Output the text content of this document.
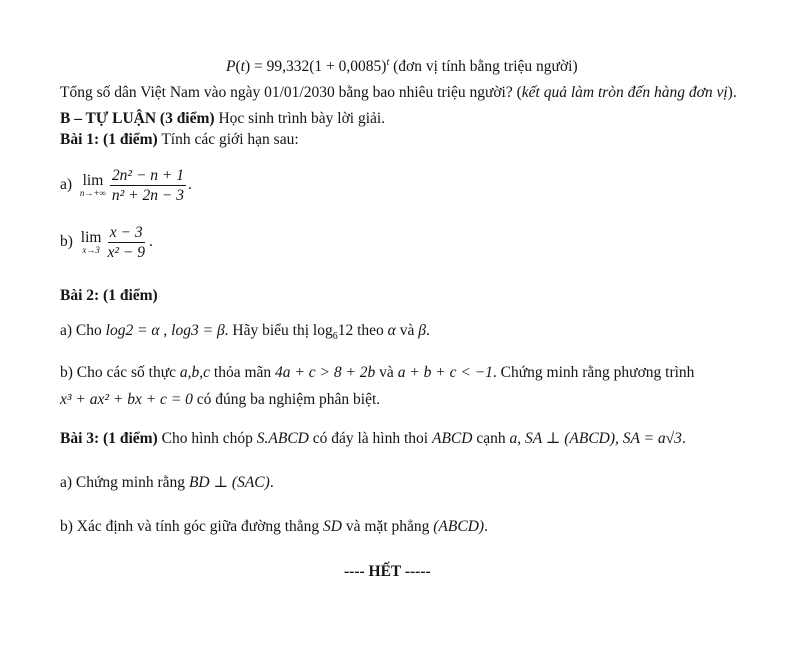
$P(t) = 99,332(1 + 0,0085)^t$ (đơn vị tính bằng triệu người)
Tổng số dân Việt Nam vào ngày 01/01/2030 bằng bao nhiêu triệu người? (kết quả làm tròn đến hàng đơn vị).
B – TỰ LUẬN (3 điểm) Học sinh trình bày lời giải.
Bài 1: (1 điểm) Tính các giới hạn sau:
a) lim
$n\to+\infty \frac{\text{2n² − n + 1}}{\text{n² + 2n − 3}}$ .
b) lim
$x\to 3 \frac{x - 3}{\text{x² − 9}}$ .
Bài 2: (1 điểm)
a) Cho log2 = α , log3 = β. Hãy biểu thị $\log_612$ theo α và β.
b) Cho các số thực a,b,c thỏa mãn 4a + c > 8 + 2b và a + b + c < −1. Chứng minh rằng phương trình
x³ + ax² + bx + c = 0 có đúng ba nghiệm phân biệt.
Bài 3: (1 điểm) Cho hình chóp S.ABCD có đáy là hình thoi ABCD cạnh a, SA ⊥ (ABCD), SA = a√3.
a) Chứng minh rằng BD ⊥ (SAC).
b) Xác định và tính góc giữa đường thẳng SD và mặt phẳng (ABCD).
---- HẾT -----
